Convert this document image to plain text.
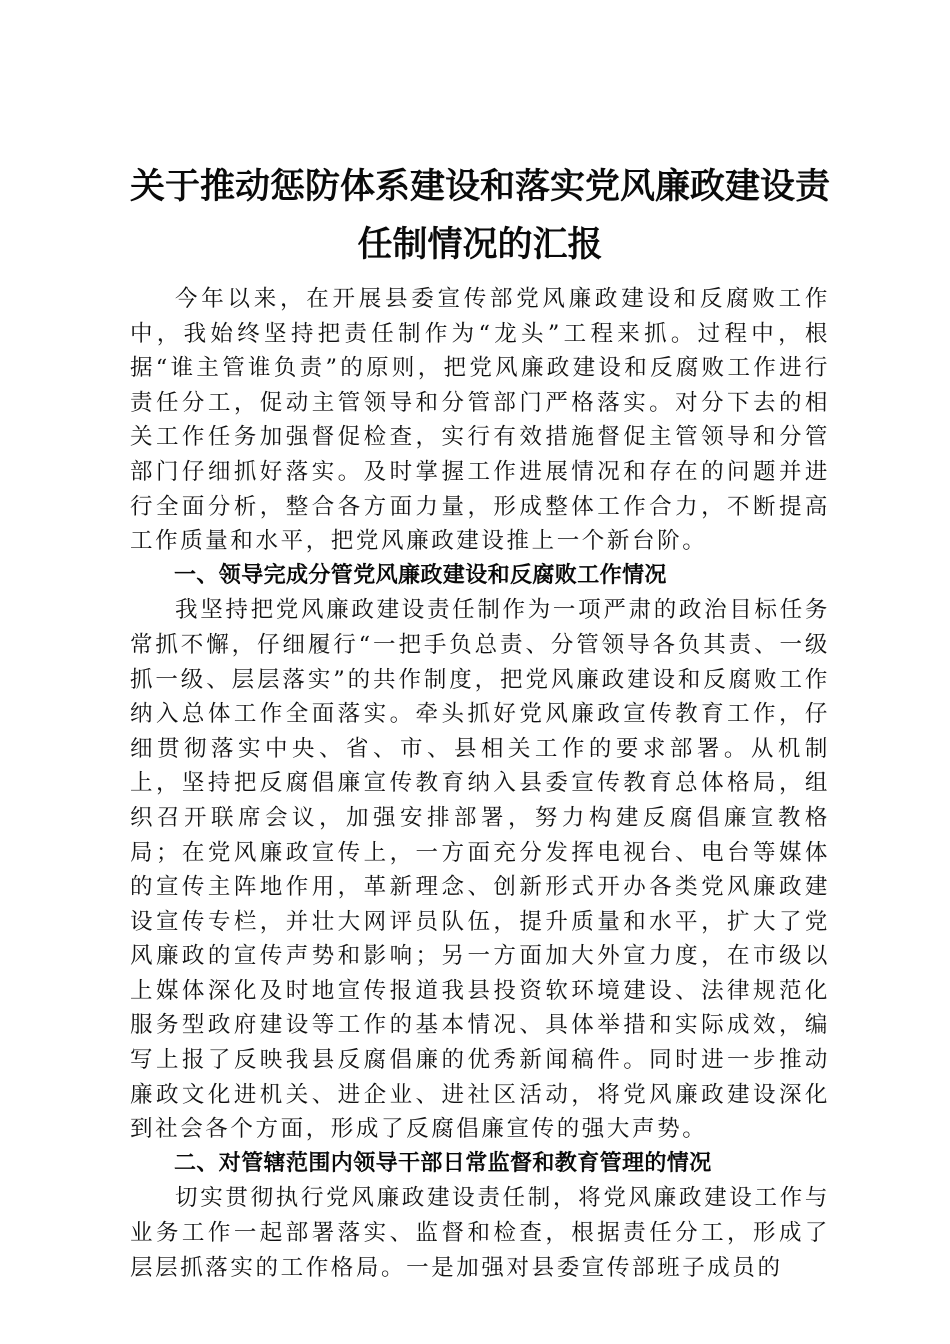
关于推动惩防体系建设和落实党风廉政建设责
任制情况的汇报

今年以来，在开展县委宣传部党风廉政建设和反腐败工作中，我始终坚持把责任制作为“龙头”工程来抓。过程中，根据“谁主管谁负责”的原则，把党风廉政建设和反腐败工作进行责任分工，促动主管领导和分管部门严格落实。对分下去的相关工作任务加强督促检查，实行有效措施督促主管领导和分管部门仔细抓好落实。及时掌握工作进展情况和存在的问题并进行全面分析，整合各方面力量，形成整体工作合力，不断提高工作质量和水平，把党风廉政建设推上一个新台阶。

一、领导完成分管党风廉政建设和反腐败工作情况

我坚持把党风廉政建设责任制作为一项严肃的政治目标任务常抓不懈，仔细履行“一把手负总责、分管领导各负其责、一级抓一级、层层落实”的共作制度，把党风廉政建设和反腐败工作纳入总体工作全面落实。牵头抓好党风廉政宣传教育工作，仔细贯彻落实中央、省、市、县相关工作的要求部署。从机制上，坚持把反腐倡廉宣传教育纳入县委宣传教育总体格局，组织召开联席会议，加强安排部署，努力构建反腐倡廉宣教格局；在党风廉政宣传上，一方面充分发挥电视台、电台等媒体的宣传主阵地作用，革新理念、创新形式开办各类党风廉政建设宣传专栏，并壮大网评员队伍，提升质量和水平，扩大了党风廉政的宣传声势和影响；另一方面加大外宣力度，在市级以上媒体深化及时地宣传报道我县投资软环境建设、法律规范化服务型政府建设等工作的基本情况、具体举措和实际成效，编写上报了反映我县反腐倡廉的优秀新闻稿件。同时进一步推动廉政文化进机关、进企业、进社区活动，将党风廉政建设深化到社会各个方面，形成了反腐倡廉宣传的强大声势。

二、对管辖范围内领导干部日常监督和教育管理的情况

切实贯彻执行党风廉政建设责任制，将党风廉政建设工作与业务工作一起部署落实、监督和检查，根据责任分工，形成了层层抓落实的工作格局。一是加强对县委宣传部班子成员的
